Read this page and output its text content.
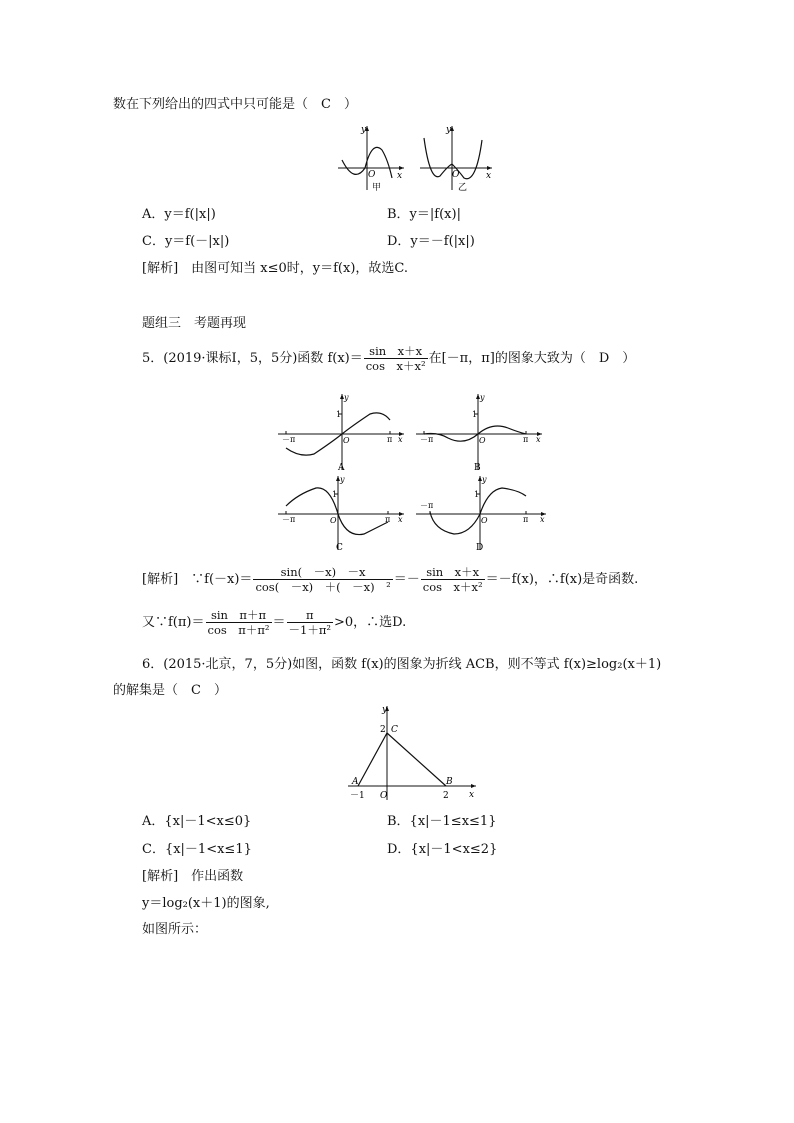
数在下列给出的四式中只可能是（　C　）
y
x
O
甲
y
x
O
乙
A．y＝f(|x|)	B．y＝|f(x)|
C．y＝f(－|x|)	D．y＝－f(|x|)
[解析]　由图可知当 x≤0时，y＝f(x)，故选C.
题组三　考题再现
5．(2019·课标Ⅰ，5，5分)函数 $f(x)= \frac{\text{sin　x＋x}}{\text{cos　x＋x²}}$ 在[－π，π]的图象大致为（　D　）
－π	π x
y
1
O
A
－π	π x
y
1
O
B
－π	π x
y
1
O
C
－π
π x
y
1
O
D
[解析]　∵f(－x)＝ $\frac{\sin( -x) -x}{\text{cos(　－x)　＋(　－x)　²}} =- \frac{\text{sin　x＋x}}{\text{cos　x＋x²}} =-f(x)$，∴f(x)是奇函数.
又∵f(π)＝ $\frac{\text{sin　π＋π}}{\text{cos　π＋π²}} = \frac{\pi}{\text{－1＋π²}} >0$，∴选D.
6．(2015·北京，7，5分)如图，函数 f(x)的图象为折线 ACB，则不等式 f(x)≥log₂(x＋1)
的解集是（　C　）
y
x
2 C
A	B
－1 O	2
A．{x|－1<x≤0}	B．{x|－1≤x≤1}
C．{x|－1<x≤1}	D．{x|－1<x≤2}
[解析]　作出函数
y＝log₂(x＋1)的图象,
如图所示：
